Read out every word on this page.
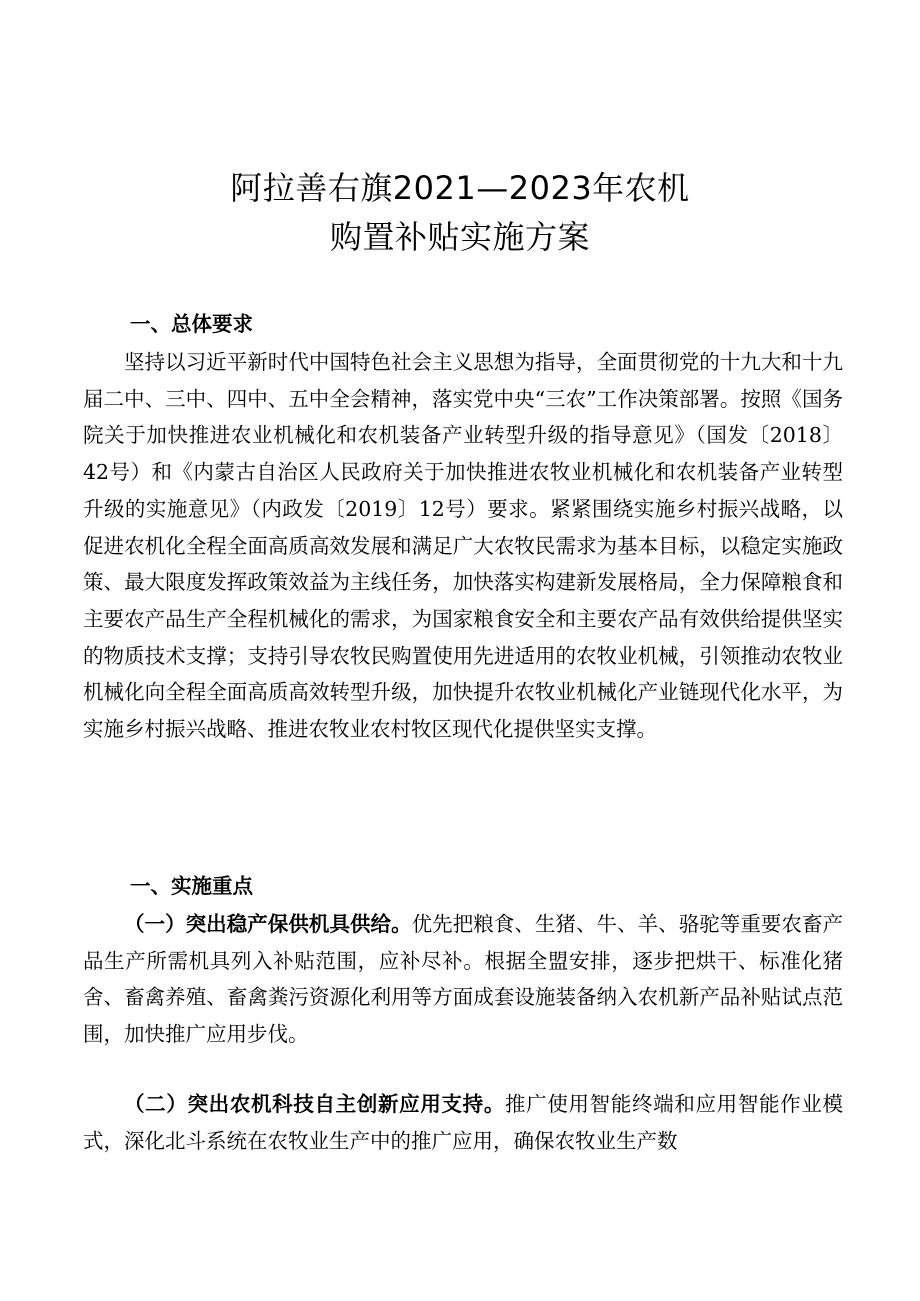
阿拉善右旗2021—2023年农机
购置补贴实施方案
一、总体要求

坚持以习近平新时代中国特色社会主义思想为指导，全面贯彻党的十九大和十九届二中、三中、四中、五中全会精神，落实党中央“三农”工作决策部署。按照《国务院关于加快推进农业机械化和农机装备产业转型升级的指导意见》（国发〔2018〕42号）和《内蒙古自治区人民政府关于加快推进农牧业机械化和农机装备产业转型升级的实施意见》（内政发〔2019〕12号）要求。紧紧围绕实施乡村振兴战略，以促进农机化全程全面高质高效发展和满足广大农牧民需求为基本目标，以稳定实施政策、最大限度发挥政策效益为主线任务，加快落实构建新发展格局，全力保障粮食和主要农产品生产全程机械化的需求，为国家粮食安全和主要农产品有效供给提供坚实的物质技术支撑；支持引导农牧民购置使用先进适用的农牧业机械，引领推动农牧业机械化向全程全面高质高效转型升级，加快提升农牧业机械化产业链现代化水平，为实施乡村振兴战略、推进农牧业农村牧区现代化提供坚实支撑。

一、实施重点

（一）突出稳产保供机具供给。优先把粮食、生猪、牛、羊、骆驼等重要农畜产品生产所需机具列入补贴范围，应补尽补。根据全盟安排，逐步把烘干、标准化猪舍、畜禽养殖、畜禽粪污资源化利用等方面成套设施装备纳入农机新产品补贴试点范围，加快推广应用步伐。

（二）突出农机科技自主创新应用支持。推广使用智能终端和应用智能作业模式，深化北斗系统在农牧业生产中的推广应用，确保农牧业生产数
